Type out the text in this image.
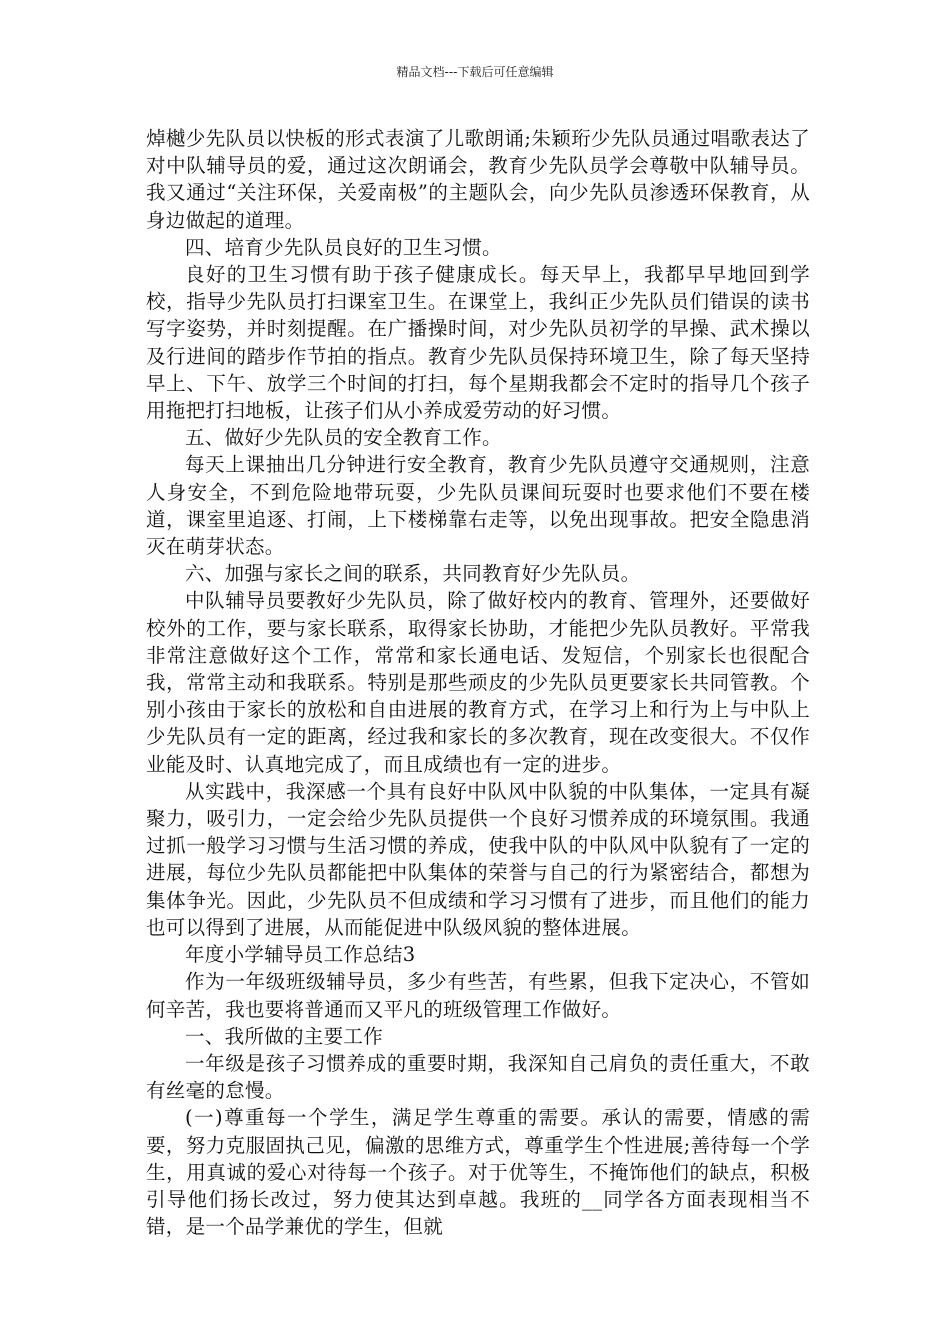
精品文档---下载后可任意编辑

焯樾少先队员以快板的形式表演了儿歌朗诵;朱颖珩少先队员通过唱歌表达了对中队辅导员的爱，通过这次朗诵会，教育少先队员学会尊敬中队辅导员。我又通过“关注环保，关爱南极”的主题队会，向少先队员渗透环保教育，从身边做起的道理。

四、培育少先队员良好的卫生习惯。

良好的卫生习惯有助于孩子健康成长。每天早上，我都早早地回到学校，指导少先队员打扫课室卫生。在课堂上，我纠正少先队员们错误的读书写字姿势，并时刻提醒。在广播操时间，对少先队员初学的早操、武术操以及行进间的踏步作节拍的指点。教育少先队员保持环境卫生，除了每天坚持早上、下午、放学三个时间的打扫，每个星期我都会不定时的指导几个孩子用拖把打扫地板，让孩子们从小养成爱劳动的好习惯。

五、做好少先队员的安全教育工作。

每天上课抽出几分钟进行安全教育，教育少先队员遵守交通规则，注意人身安全，不到危险地带玩耍，少先队员课间玩耍时也要求他们不要在楼道，课室里追逐、打闹，上下楼梯靠右走等，以免出现事故。把安全隐患消灭在萌芽状态。

六、加强与家长之间的联系，共同教育好少先队员。

中队辅导员要教好少先队员，除了做好校内的教育、管理外，还要做好校外的工作，要与家长联系，取得家长协助，才能把少先队员教好。平常我非常注意做好这个工作，常常和家长通电话、发短信，个别家长也很配合我，常常主动和我联系。特别是那些顽皮的少先队员更要家长共同管教。个别小孩由于家长的放松和自由进展的教育方式，在学习上和行为上与中队上少先队员有一定的距离，经过我和家长的多次教育，现在改变很大。不仅作业能及时、认真地完成了，而且成绩也有一定的进步。

从实践中，我深感一个具有良好中队风中队貌的中队集体，一定具有凝聚力，吸引力，一定会给少先队员提供一个良好习惯养成的环境氛围。我通过抓一般学习习惯与生活习惯的养成，使我中队的中队风中队貌有了一定的进展，每位少先队员都能把中队集体的荣誉与自己的行为紧密结合，都想为集体争光。因此，少先队员不但成绩和学习习惯有了进步，而且他们的能力也可以得到了进展，从而能促进中队级风貌的整体进展。

年度小学辅导员工作总结3

作为一年级班级辅导员，多少有些苦，有些累，但我下定决心，不管如何辛苦，我也要将普通而又平凡的班级管理工作做好。

一、我所做的主要工作

一年级是孩子习惯养成的重要时期，我深知自己肩负的责任重大，不敢有丝毫的怠慢。

(一)尊重每一个学生，满足学生尊重的需要。承认的需要，情感的需要，努力克服固执己见，偏激的思维方式，尊重学生个性进展;善待每一个学生，用真诚的爱心对待每一个孩子。对于优等生，不掩饰他们的缺点，积极引导他们扬长改过，努力使其达到卓越。我班的__同学各方面表现相当不错，是一个品学兼优的学生，但就
